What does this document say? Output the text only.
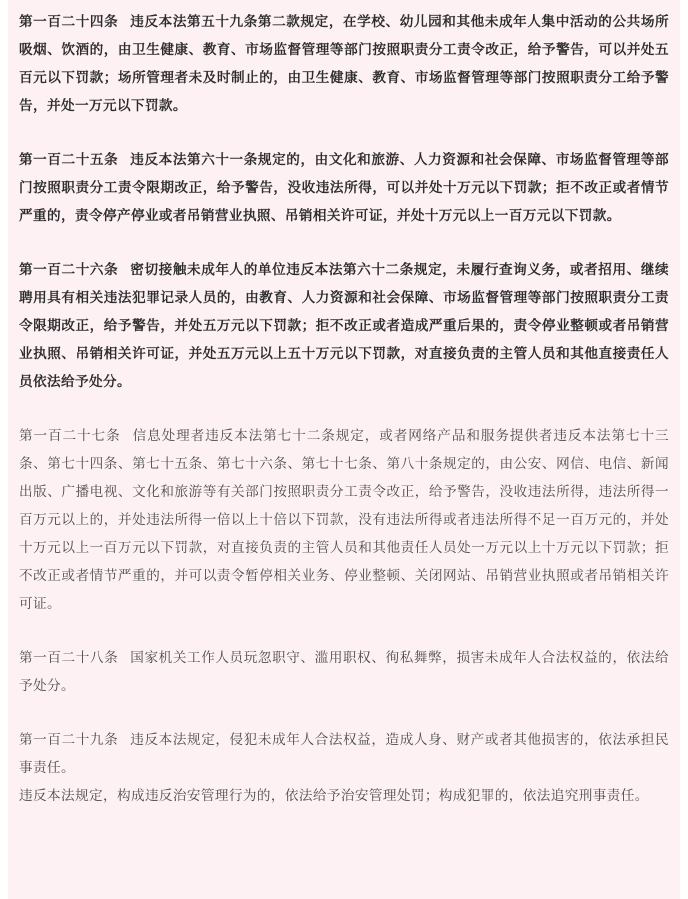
第一百二十四条 违反本法第五十九条第二款规定，在学校、幼儿园和其他未成年人集中活动的公共场所吸烟、饮酒的，由卫生健康、教育、市场监督管理等部门按照职责分工责令改正，给予警告，可以并处五百元以下罚款；场所管理者未及时制止的，由卫生健康、教育、市场监督管理等部门按照职责分工给予警告，并处一万元以下罚款。

第一百二十五条 违反本法第六十一条规定的，由文化和旅游、人力资源和社会保障、市场监督管理等部门按照职责分工责令限期改正，给予警告，没收违法所得，可以并处十万元以下罚款；拒不改正或者情节严重的，责令停产停业或者吊销营业执照、吊销相关许可证，并处十万元以上一百万元以下罚款。

第一百二十六条 密切接触未成年人的单位违反本法第六十二条规定，未履行查询义务，或者招用、继续聘用具有相关违法犯罪记录人员的，由教育、人力资源和社会保障、市场监督管理等部门按照职责分工责令限期改正，给予警告，并处五万元以下罚款；拒不改正或者造成严重后果的，责令停业整顿或者吊销营业执照、吊销相关许可证，并处五万元以上五十万元以下罚款，对直接负责的主管人员和其他直接责任人员依法给予处分。

第一百二十七条 信息处理者违反本法第七十二条规定，或者网络产品和服务提供者违反本法第七十三条、第七十四条、第七十五条、第七十六条、第七十七条、第八十条规定的，由公安、网信、电信、新闻出版、广播电视、文化和旅游等有关部门按照职责分工责令改正，给予警告，没收违法所得，违法所得一百万元以上的，并处违法所得一倍以上十倍以下罚款，没有违法所得或者违法所得不足一百万元的，并处十万元以上一百万元以下罚款，对直接负责的主管人员和其他责任人员处一万元以上十万元以下罚款；拒不改正或者情节严重的，并可以责令暂停相关业务、停业整顿、关闭网站、吊销营业执照或者吊销相关许可证。

第一百二十八条 国家机关工作人员玩忽职守、滥用职权、徇私舞弊，损害未成年人合法权益的，依法给予处分。

第一百二十九条 违反本法规定，侵犯未成年人合法权益，造成人身、财产或者其他损害的，依法承担民事责任。

违反本法规定，构成违反治安管理行为的，依法给予治安管理处罚；构成犯罪的，依法追究刑事责任。
